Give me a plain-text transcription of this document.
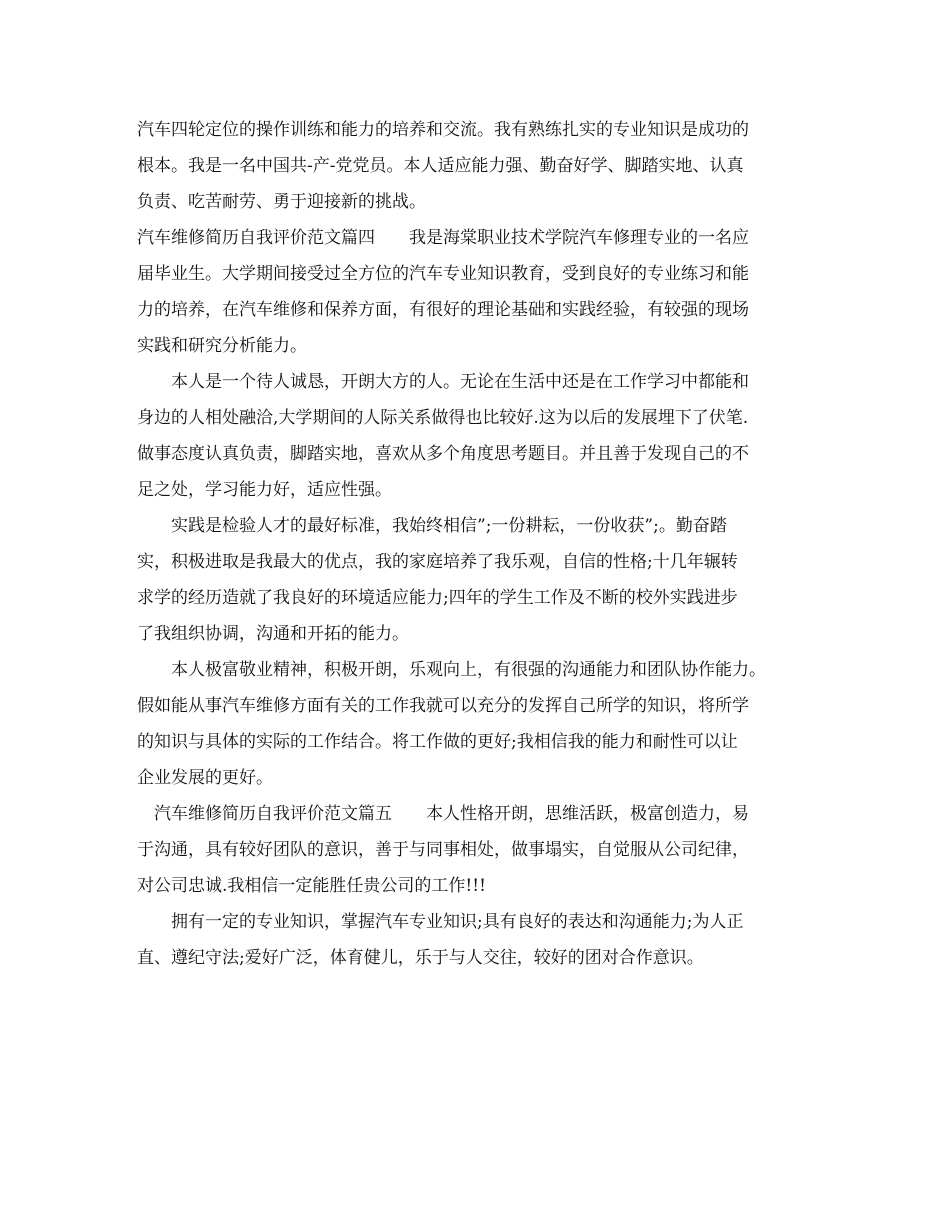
汽车四轮定位的操作训练和能力的培养和交流。我有熟练扎实的专业知识是成功的
根本。我是一名中国共-产-党党员。本人适应能力强、勤奋好学、脚踏实地、认真
负责、吃苦耐劳、勇于迎接新的挑战。
汽车维修简历自我评价范文篇四　　我是海棠职业技术学院汽车修理专业的一名应
届毕业生。大学期间接受过全方位的汽车专业知识教育，受到良好的专业练习和能
力的培养，在汽车维修和保养方面，有很好的理论基础和实践经验，有较强的现场
实践和研究分析能力。
　　本人是一个待人诚恳，开朗大方的人。无论在生活中还是在工作学习中都能和
身边的人相处融洽,大学期间的人际关系做得也比较好.这为以后的发展埋下了伏笔.
做事态度认真负责，脚踏实地，喜欢从多个角度思考题目。并且善于发现自己的不
足之处，学习能力好，适应性强。
　　实践是检验人才的最好标准，我始终相信”;一份耕耘，一份收获”;。勤奋踏
实，积极进取是我最大的优点，我的家庭培养了我乐观，自信的性格;十几年辗转
求学的经历造就了我良好的环境适应能力;四年的学生工作及不断的校外实践进步
了我组织协调，沟通和开拓的能力。
　　本人极富敬业精神，积极开朗，乐观向上，有很强的沟通能力和团队协作能力。
假如能从事汽车维修方面有关的工作我就可以充分的发挥自己所学的知识，将所学
的知识与具体的实际的工作结合。将工作做的更好;我相信我的能力和耐性可以让
企业发展的更好。
　汽车维修简历自我评价范文篇五　　本人性格开朗，思维活跃，极富创造力，易
于沟通，具有较好团队的意识，善于与同事相处，做事塌实，自觉服从公司纪律，
对公司忠诚.我相信一定能胜任贵公司的工作!!!
　　拥有一定的专业知识，掌握汽车专业知识;具有良好的表达和沟通能力;为人正
直、遵纪守法;爱好广泛，体育健儿，乐于与人交往，较好的团对合作意识。
